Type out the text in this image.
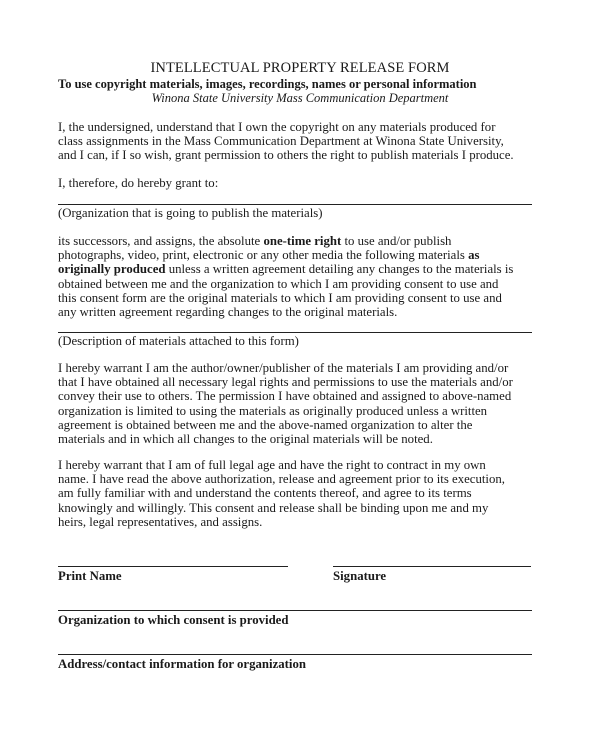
INTELLECTUAL PROPERTY RELEASE FORM
To use copyright materials, images, recordings, names or personal information
Winona State University Mass Communication Department
I, the undersigned, understand that I own the copyright on any materials produced for
class assignments in the Mass Communication Department at Winona State University,
and I can, if I so wish, grant permission to others the right to publish materials I produce.
I, therefore, do hereby grant to:
(Organization that is going to publish the materials)
its successors, and assigns, the absolute one-time right to use and/or publish
photographs, video, print, electronic or any other media the following materials as
originally produced unless a written agreement detailing any changes to the materials is
obtained between me and the organization to which I am providing consent to use and
this consent form are the original materials to which I am providing consent to use and
any written agreement regarding changes to the original materials.
(Description of materials attached to this form)
I hereby warrant I am the author/owner/publisher of the materials I am providing and/or
that I have obtained all necessary legal rights and permissions to use the materials and/or
convey their use to others. The permission I have obtained and assigned to above-named
organization is limited to using the materials as originally produced unless a written
agreement is obtained between me and the above-named organization to alter the
materials and in which all changes to the original materials will be noted.
I hereby warrant that I am of full legal age and have the right to contract in my own
name. I have read the above authorization, release and agreement prior to its execution,
am fully familiar with and understand the contents thereof, and agree to its terms
knowingly and willingly. This consent and release shall be binding upon me and my
heirs, legal representatives, and assigns.
Print Name	Signature
Organization to which consent is provided
Address/contact information for organization
